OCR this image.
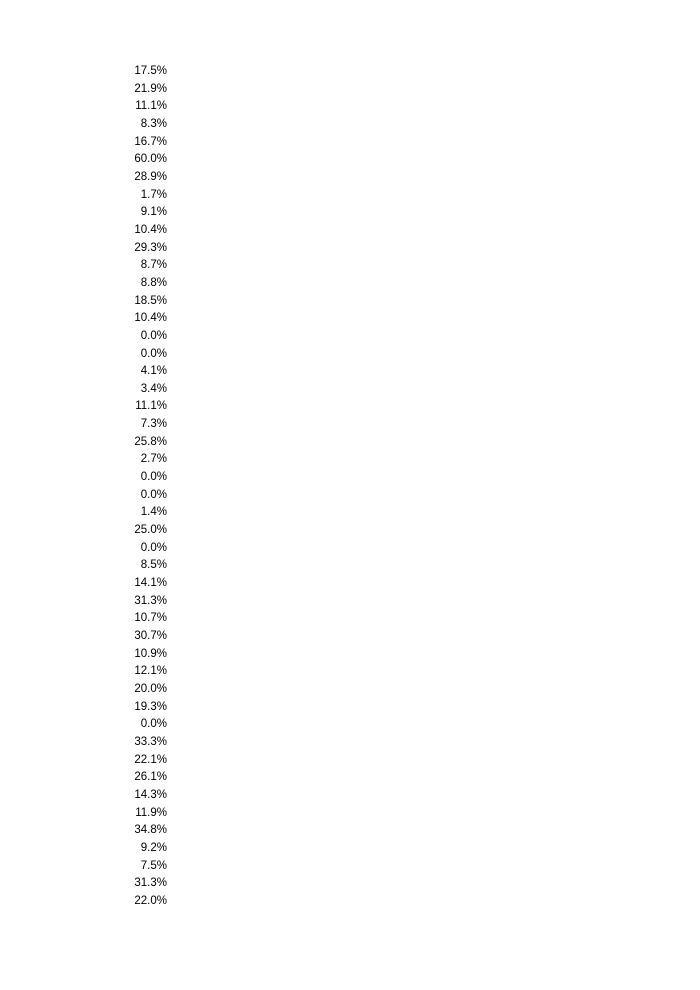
17.5%
21.9%
11.1%
8.3%
16.7%
60.0%
28.9%
1.7%
9.1%
10.4%
29.3%
8.7%
8.8%
18.5%
10.4%
0.0%
0.0%
4.1%
3.4%
11.1%
7.3%
25.8%
2.7%
0.0%
0.0%
1.4%
25.0%
0.0%
8.5%
14.1%
31.3%
10.7%
30.7%
10.9%
12.1%
20.0%
19.3%
0.0%
33.3%
22.1%
26.1%
14.3%
11.9%
34.8%
9.2%
7.5%
31.3%
22.0%
